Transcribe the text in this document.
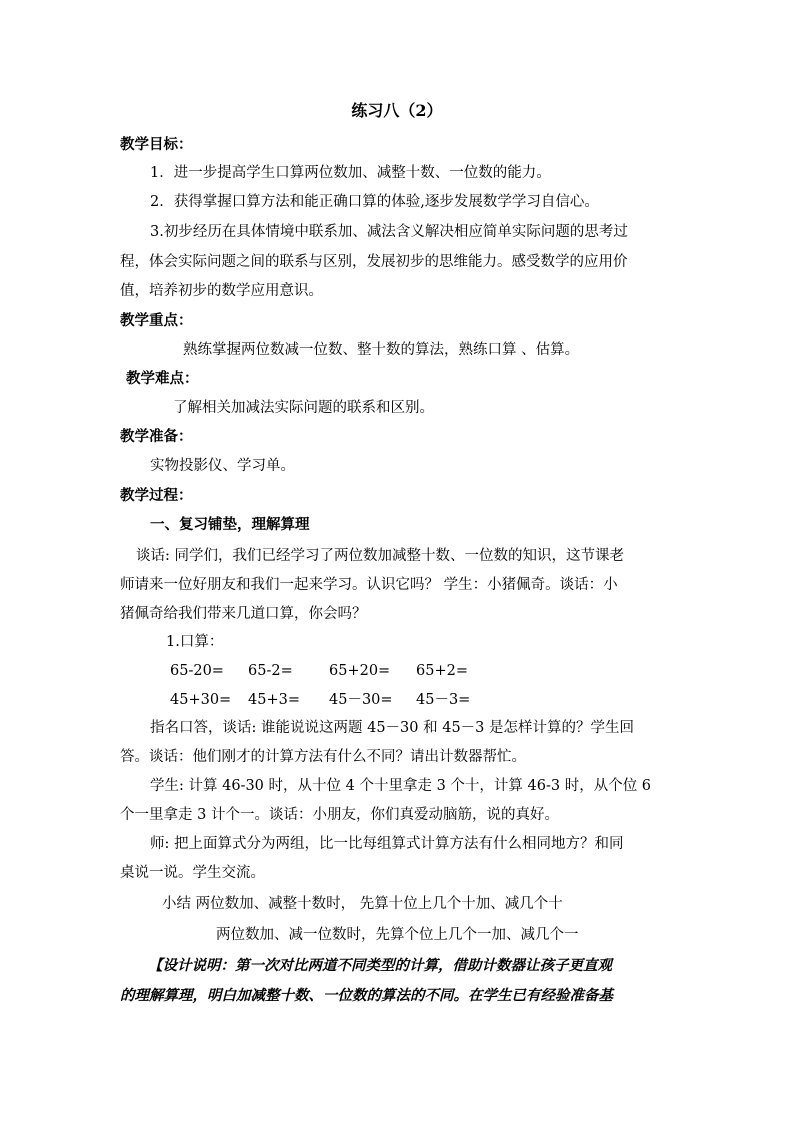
练习八（2）
教学目标：
1．进一步提高学生口算两位数加、减整十数、一位数的能力。
2．获得掌握口算方法和能正确口算的体验,逐步发展数学学习自信心。
3.初步经历在具体情境中联系加、减法含义解决相应简单实际问题的思考过
程，体会实际问题之间的联系与区别，发展初步的思维能力。感受数学的应用价
值，培养初步的数学应用意识。
教学重点：
熟练掌握两位数减一位数、整十数的算法，熟练口算 、估算。
教学难点：
了解相关加减法实际问题的联系和区别。
教学准备：
实物投影仪、学习单。
教学过程：
一、复习铺垫，理解算理
谈话: 同学们，我们已经学习了两位数加减整十数、一位数的知识，这节课老
师请来一位好朋友和我们一起来学习。认识它吗？ 学生：小猪佩奇。谈话：小
猪佩奇给我们带来几道口算，你会吗？
1.口算：
65-20= 65-2=	65+20= 65+2=
45+30= 45+3= 45－30= 45－3=
指名口答，谈话: 谁能说说这两题 45－30 和 45－3 是怎样计算的？学生回
答。谈话：他们刚才的计算方法有什么不同？请出计数器帮忙。
学生: 计算 46-30 时，从十位 4 个十里拿走 3 个十，计算 46-3 时，从个位 6
个一里拿走 3 计个一。谈话：小朋友，你们真爱动脑筋，说的真好。
师: 把上面算式分为两组，比一比每组算式计算方法有什么相同地方？和同
桌说一说。学生交流。
小结 两位数加、减整十数时， 先算十位上几个十加、减几个十
两位数加、减一位数时，先算个位上几个一加、减几个一
【设计说明：第一次对比两道不同类型的计算，借助计数器让孩子更直观
的理解算理，明白加减整十数、一位数的算法的不同。在学生已有经验准备基
